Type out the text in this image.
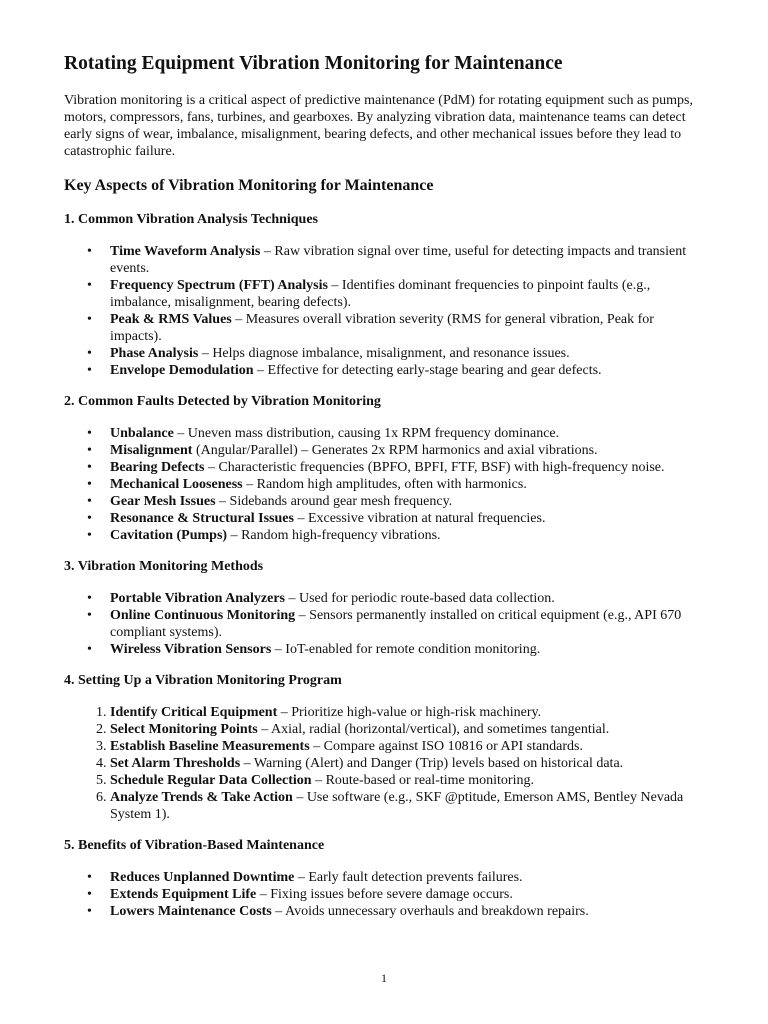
Rotating Equipment Vibration Monitoring for Maintenance

Vibration monitoring is a critical aspect of predictive maintenance (PdM) for rotating equipment such as pumps, motors, compressors, fans, turbines, and gearboxes. By analyzing vibration data, maintenance teams can detect early signs of wear, imbalance, misalignment, bearing defects, and other mechanical issues before they lead to catastrophic failure.

Key Aspects of Vibration Monitoring for Maintenance
1. Common Vibration Analysis Techniques
• Time Waveform Analysis – Raw vibration signal over time, useful for detecting impacts and transient events.
• Frequency Spectrum (FFT) Analysis – Identifies dominant frequencies to pinpoint faults (e.g., imbalance, misalignment, bearing defects).
• Peak & RMS Values – Measures overall vibration severity (RMS for general vibration, Peak for impacts).
• Phase Analysis – Helps diagnose imbalance, misalignment, and resonance issues.
• Envelope Demodulation – Effective for detecting early-stage bearing and gear defects.
2. Common Faults Detected by Vibration Monitoring
• Unbalance – Uneven mass distribution, causing 1x RPM frequency dominance.
• Misalignment (Angular/Parallel) – Generates 2x RPM harmonics and axial vibrations.
• Bearing Defects – Characteristic frequencies (BPFO, BPFI, FTF, BSF) with high-frequency noise.
• Mechanical Looseness – Random high amplitudes, often with harmonics.
• Gear Mesh Issues – Sidebands around gear mesh frequency.
• Resonance & Structural Issues – Excessive vibration at natural frequencies.
• Cavitation (Pumps) – Random high-frequency vibrations.
3. Vibration Monitoring Methods
• Portable Vibration Analyzers – Used for periodic route-based data collection.
• Online Continuous Monitoring – Sensors permanently installed on critical equipment (e.g., API 670 compliant systems).
• Wireless Vibration Sensors – IoT-enabled for remote condition monitoring.
4. Setting Up a Vibration Monitoring Program
1. Identify Critical Equipment – Prioritize high-value or high-risk machinery.
2. Select Monitoring Points – Axial, radial (horizontal/vertical), and sometimes tangential.
3. Establish Baseline Measurements – Compare against ISO 10816 or API standards.
4. Set Alarm Thresholds – Warning (Alert) and Danger (Trip) levels based on historical data.
5. Schedule Regular Data Collection – Route-based or real-time monitoring.
6. Analyze Trends & Take Action – Use software (e.g., SKF @ptitude, Emerson AMS, Bentley Nevada System 1).
5. Benefits of Vibration-Based Maintenance
• Reduces Unplanned Downtime – Early fault detection prevents failures.
• Extends Equipment Life – Fixing issues before severe damage occurs.
• Lowers Maintenance Costs – Avoids unnecessary overhauls and breakdown repairs.
1
